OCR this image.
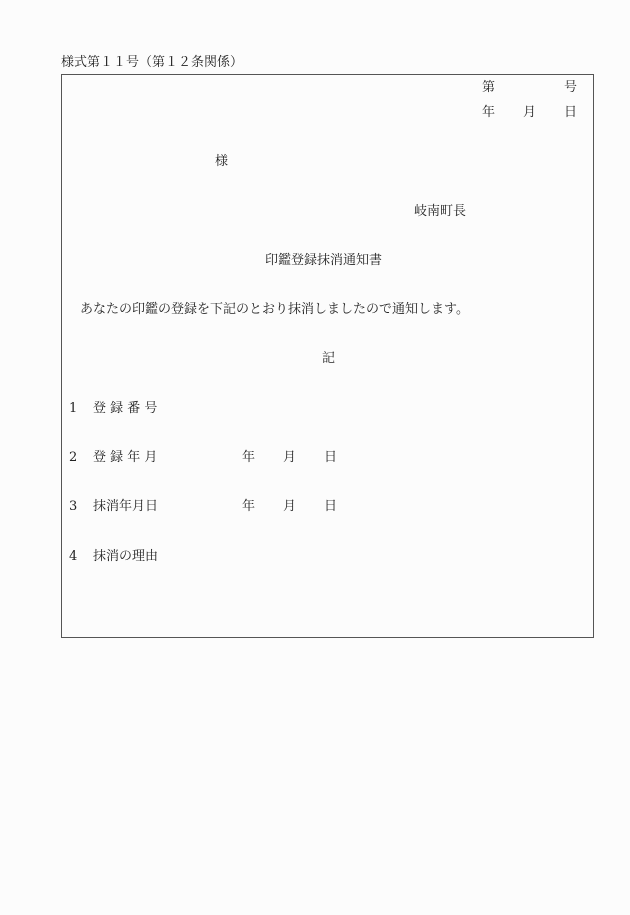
様式第１１号（第１２条関係）
第	号
年 月 日
様
岐南町長
印鑑登録抹消通知書
あなたの印鑑の登録を下記のとおり抹消しましたので通知します。
記
1 登 録 番 号
2 登 録 年 月	年 月 日
3 抹消年月日	年 月 日
4 抹消の理由
